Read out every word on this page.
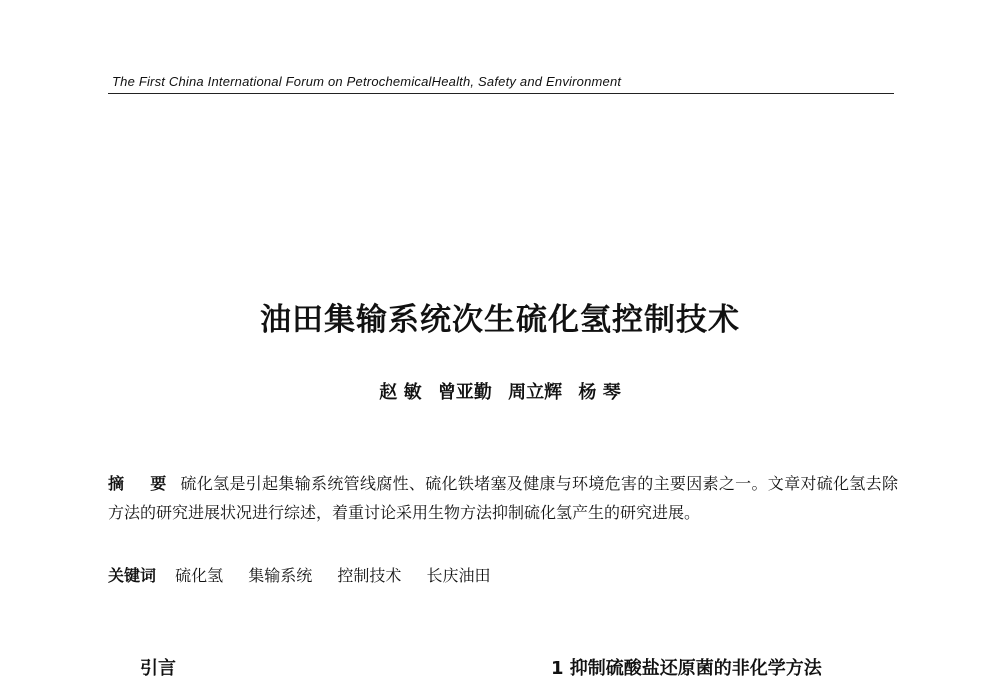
The First China International Forum on PetrochemicalHealth, Safety and Environment
油田集输系统次生硫化氢控制技术
赵 敏 曾亚勤 周立辉 杨 琴
摘 要 硫化氢是引起集输系统管线腐性、硫化铁堵塞及健康与环境危害的主要因素之一。文章对硫化氢去除方法的研究进展状况进行综述，着重讨论采用生物方法抑制硫化氢产生的研究进展。
关键词 硫化氢 集输系统 控制技术 长庆油田
引言	1 抑制硫酸盐还原菌的非化学方法
